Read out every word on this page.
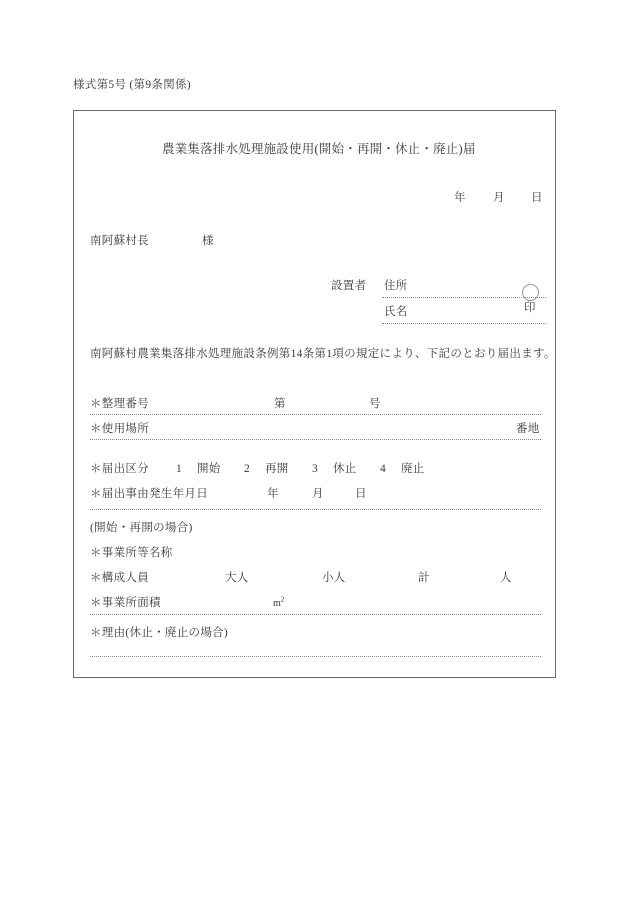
様式第5号 (第9条関係)
農業集落排水処理施設使用(開始・再開・休止・廃止)届
年 月 日
南阿蘇村長	様
設置者 住所
氏名	印
南阿蘇村農業集落排水処理施設条例第14条第1項の規定により、下記のとおり届出ます。
＊整理番号	第	号
＊使用場所	番地
＊届出区分 1 開始 2 再開 3 休止 4 廃止
＊届出事由発生年月日	年	月	日
(開始・再開の場合)
＊事業所等名称
＊構成人員	大人	小人	計	人
＊事業所面積	$m^2$
＊理由(休止・廃止の場合)
